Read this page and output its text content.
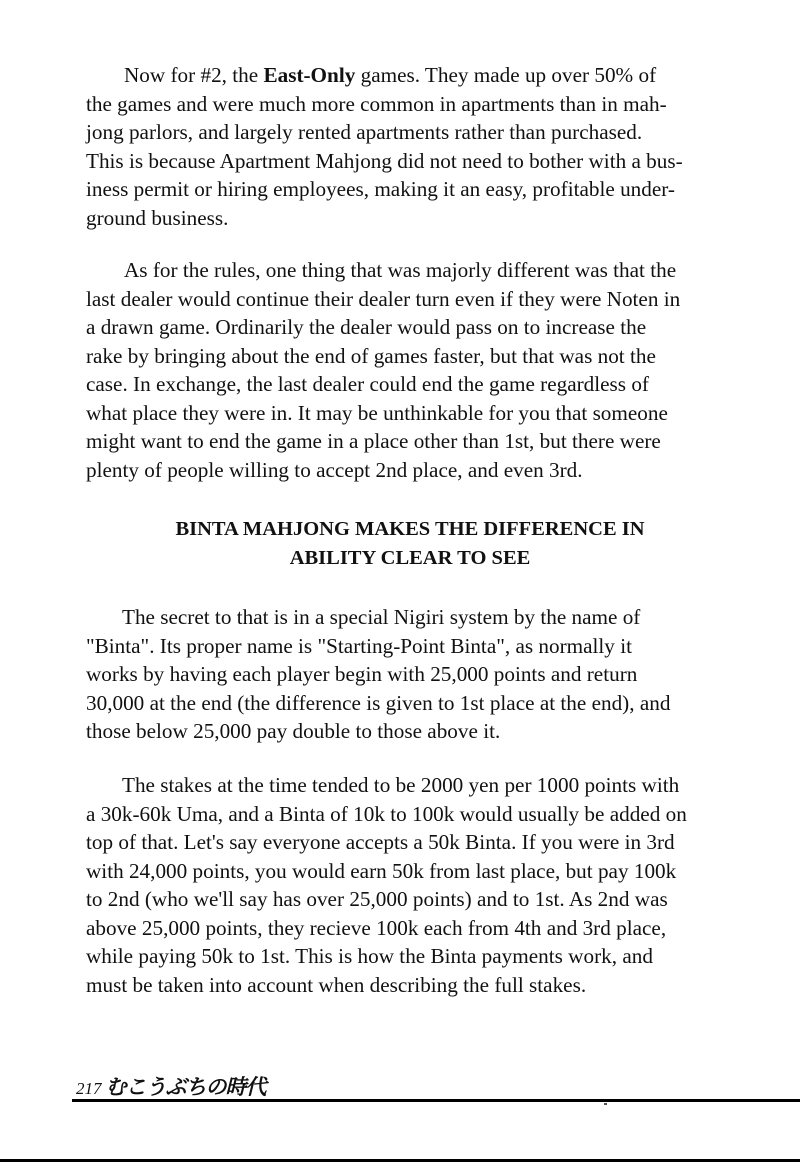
Now for #2, the East-Only games. They made up over 50% of
the games and were much more common in apartments than in mah-
jong parlors, and largely rented apartments rather than purchased.
This is because Apartment Mahjong did not need to bother with a bus-
iness permit or hiring employees, making it an easy, profitable under-
ground business.
As for the rules, one thing that was majorly different was that the
last dealer would continue their dealer turn even if they were Noten in
a drawn game. Ordinarily the dealer would pass on to increase the
rake by bringing about the end of games faster, but that was not the
case. In exchange, the last dealer could end the game regardless of
what place they were in. It may be unthinkable for you that someone
might want to end the game in a place other than 1st, but there were
plenty of people willing to accept 2nd place, and even 3rd.
BINTA MAHJONG MAKES THE DIFFERENCE IN
ABILITY CLEAR TO SEE
The secret to that is in a special Nigiri system by the name of
"Binta". Its proper name is "Starting-Point Binta", as normally it
works by having each player begin with 25,000 points and return
30,000 at the end (the difference is given to 1st place at the end), and
those below 25,000 pay double to those above it.
The stakes at the time tended to be 2000 yen per 1000 points with
a 30k-60k Uma, and a Binta of 10k to 100k would usually be added on
top of that. Let's say everyone accepts a 50k Binta. If you were in 3rd
with 24,000 points, you would earn 50k from last place, but pay 100k
to 2nd (who we'll say has over 25,000 points) and to 1st. As 2nd was
above 25,000 points, they recieve 100k each from 4th and 3rd place,
while paying 50k to 1st. This is how the Binta payments work, and
must be taken into account when describing the full stakes.
217 むこうぶちの時代
